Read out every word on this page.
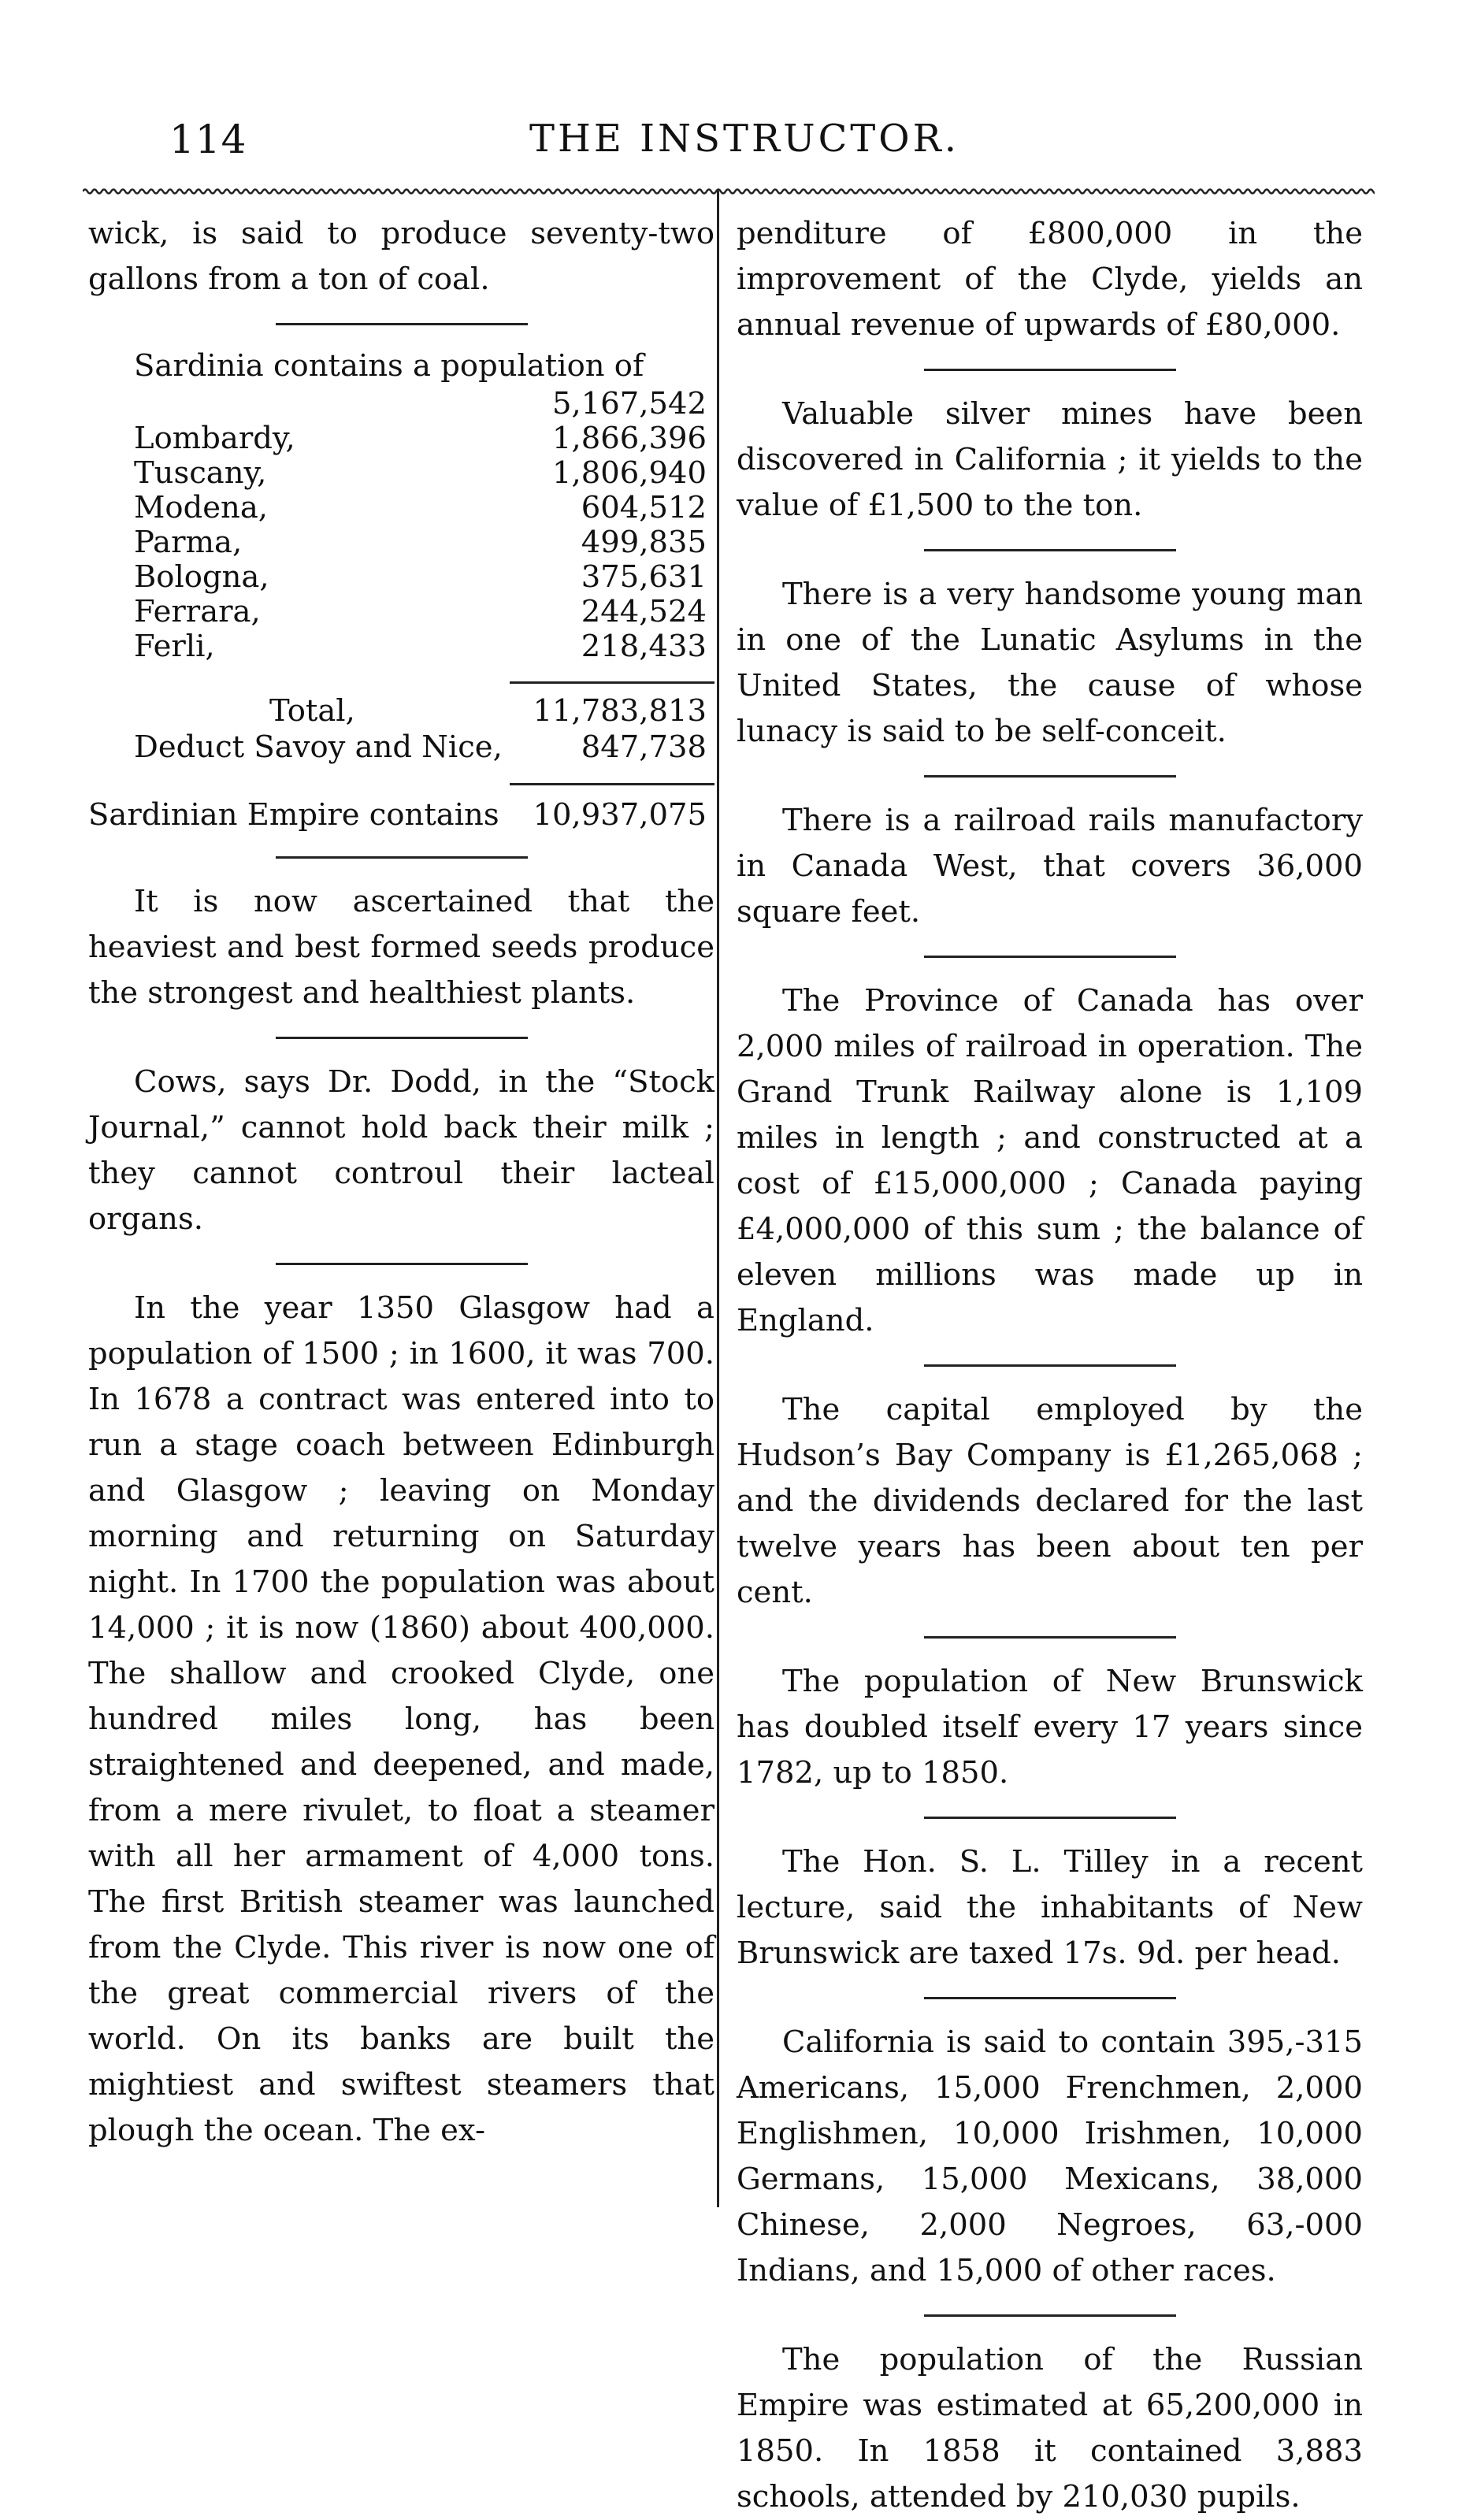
114	THE INSTRUCTOR.

wick, is said to produce seventy-two gallons from a ton of coal.

Sardinia contains a population of

5,167,542
Lombardy,	1,866,396
Tuscany,	1,806,940
Modena,	604,512
Parma,	499,835
Bologna,	375,631
Ferrara,	244,524
Ferli,	218,433
Total,	11,783,813
Deduct Savoy and Nice,	847,738
Sardinian Empire contains 10,937,075

It is now ascertained that the heaviest and best formed seeds produce the strongest and healthiest plants.

Cows, says Dr. Dodd, in the “Stock Journal,” cannot hold back their milk ; they cannot controul their lacteal organs.

In the year 1350 Glasgow had a population of 1500 ; in 1600, it was 700. In 1678 a contract was entered into to run a stage coach between Edinburgh and Glasgow ; leaving on Monday morning and returning on Saturday night. In 1700 the population was about 14,000 ; it is now (1860) about 400,000. The shallow and crooked Clyde, one hundred miles long, has been straightened and deepened, and made, from a mere rivulet, to float a steamer with all her armament of 4,000 tons. The first British steamer was launched from the Clyde. This river is now one of the great commercial rivers of the world. On its banks are built the mightiest and swiftest steamers that plough the ocean. The ex-

penditure of £800,000 in the improvement of the Clyde, yields an annual revenue of upwards of £80,000.

Valuable silver mines have been discovered in California ; it yields to the value of £1,500 to the ton.

There is a very handsome young man in one of the Lunatic Asylums in the United States, the cause of whose lunacy is said to be self-conceit.

There is a railroad rails manufactory in Canada West, that covers 36,000 square feet.

The Province of Canada has over 2,000 miles of railroad in operation. The Grand Trunk Railway alone is 1,109 miles in length ; and constructed at a cost of £15,000,000 ; Canada paying £4,000,000 of this sum ; the balance of eleven millions was made up in England.

The capital employed by the Hudson’s Bay Company is £1,265,068 ; and the dividends declared for the last twelve years has been about ten per cent.

The population of New Brunswick has doubled itself every 17 years since 1782, up to 1850.

The Hon. S. L. Tilley in a recent lecture, said the inhabitants of New Brunswick are taxed 17s. 9d. per head.

California is said to contain 395,-315 Americans, 15,000 Frenchmen, 2,000 Englishmen, 10,000 Irishmen, 10,000 Germans, 15,000 Mexicans, 38,000 Chinese, 2,000 Negroes, 63,-000 Indians, and 15,000 of other races.

The population of the Russian Empire was estimated at 65,200,000 in 1850. In 1858 it contained 3,883 schools, attended by 210,030 pupils.
